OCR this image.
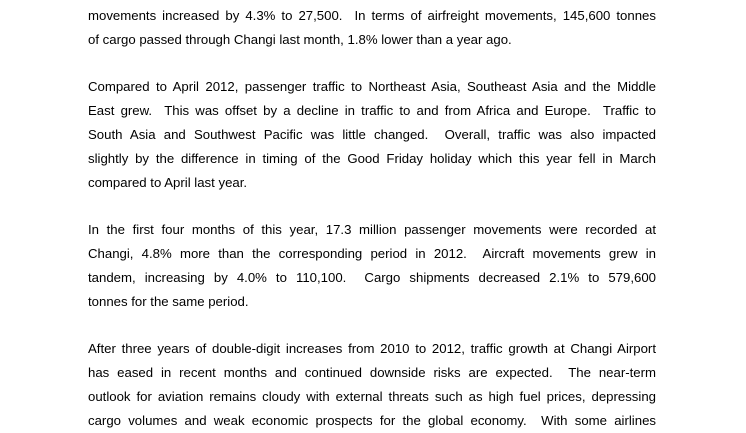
movements increased by 4.3% to 27,500.  In terms of airfreight movements, 145,600 tonnes
of cargo passed through Changi last month, 1.8% lower than a year ago.
Compared to April 2012, passenger traffic to Northeast Asia, Southeast Asia and the Middle
East grew.  This was offset by a decline in traffic to and from Africa and Europe.  Traffic to
South Asia and Southwest Pacific was little changed.  Overall, traffic was also impacted
slightly by the difference in timing of the Good Friday holiday which this year fell in March
compared to April last year.
In the first four months of this year, 17.3 million passenger movements were recorded at
Changi, 4.8% more than the corresponding period in 2012.  Aircraft movements grew in
tandem, increasing by 4.0% to 110,100.  Cargo shipments decreased 2.1% to 579,600
tonnes for the same period.
After three years of double-digit increases from 2010 to 2012, traffic growth at Changi Airport
has eased in recent months and continued downside risks are expected.  The near-term
outlook for aviation remains cloudy with external threats such as high fuel prices, depressing
cargo volumes and weak economic prospects for the global economy.  With some airlines
